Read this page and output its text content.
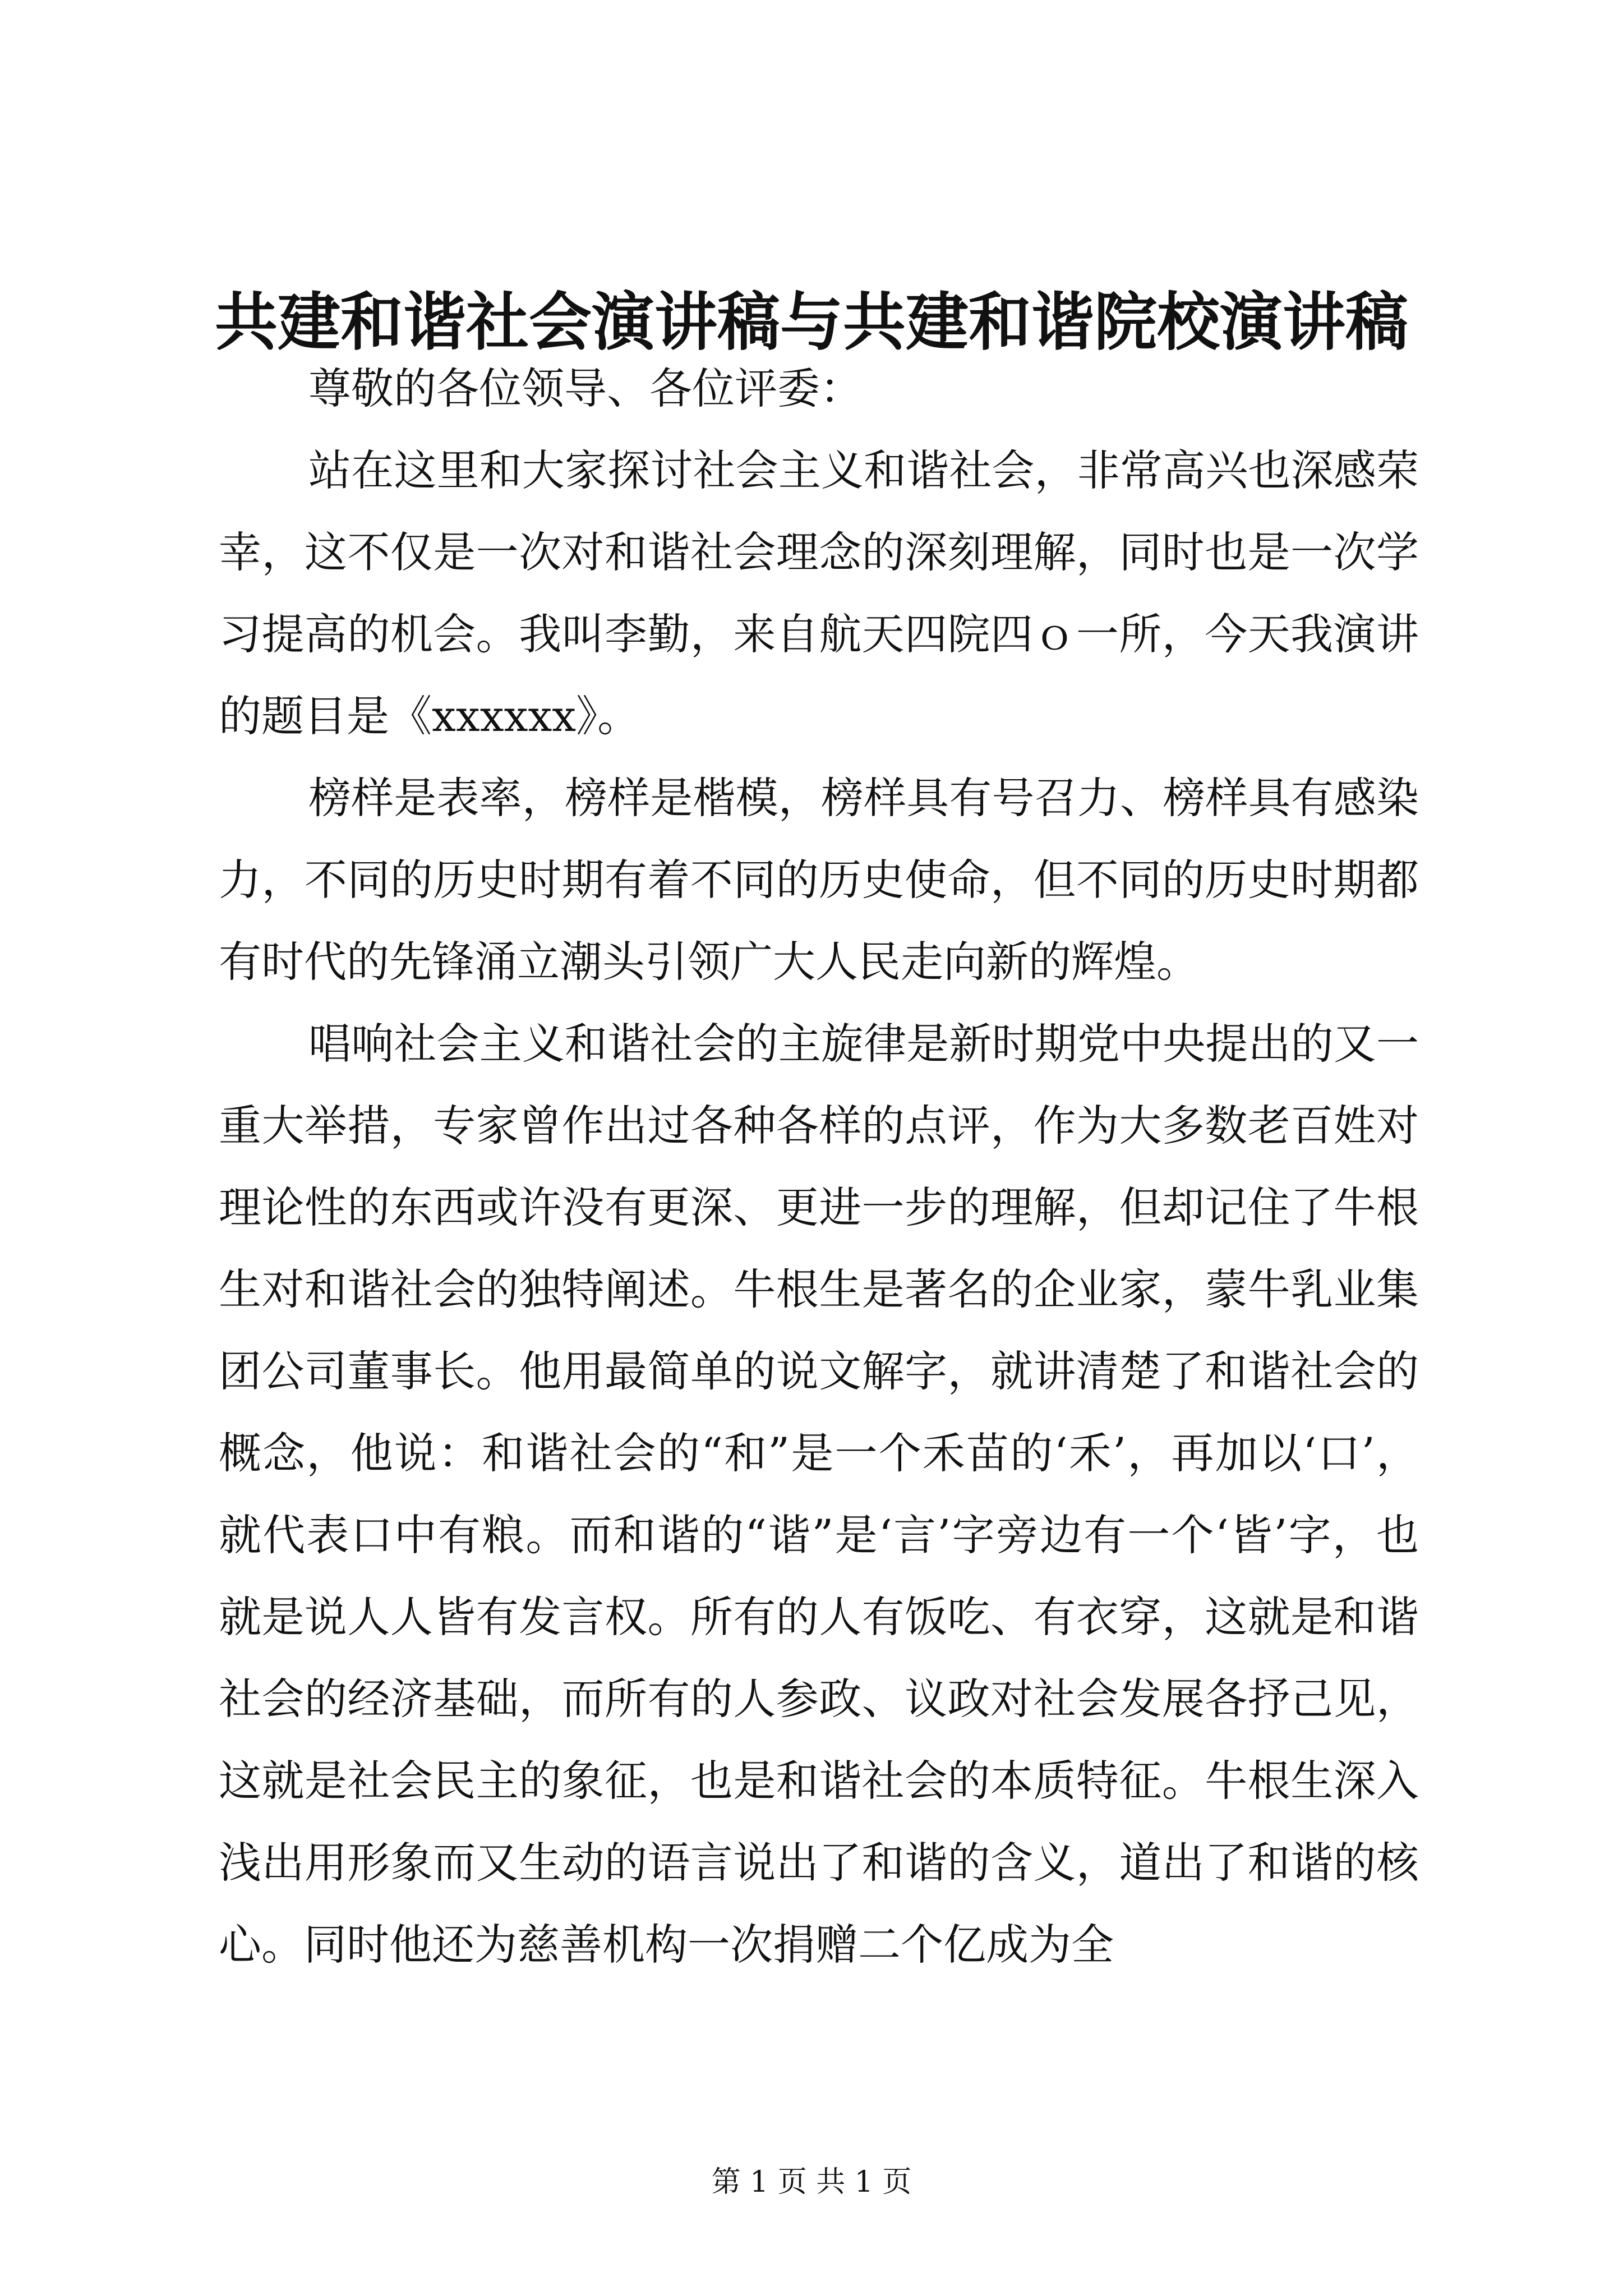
共建和谐社会演讲稿与共建和谐院校演讲稿

尊敬的各位领导、各位评委：

站在这里和大家探讨社会主义和谐社会，非常高兴也深感荣幸，这不仅是一次对和谐社会理念的深刻理解，同时也是一次学习提高的机会。我叫李勤，来自航天四院四ｏ一所，今天我演讲的题目是《xxxxxx》。

榜样是表率，榜样是楷模，榜样具有号召力、榜样具有感染力，不同的历史时期有着不同的历史使命，但不同的历史时期都有时代的先锋涌立潮头引领广大人民走向新的辉煌。

唱响社会主义和谐社会的主旋律是新时期党中央提出的又一重大举措，专家曾作出过各种各样的点评，作为大多数老百姓对理论性的东西或许没有更深、更进一步的理解，但却记住了牛根生对和谐社会的独特阐述。牛根生是著名的企业家，蒙牛乳业集团公司董事长。他用最简单的说文解字，就讲清楚了和谐社会的概念，他说：和谐社会的“和”是一个禾苗的‘禾’，再加以‘口’，就代表口中有粮。而和谐的“谐”是‘言’字旁边有一个‘皆’字，也就是说人人皆有发言权。所有的人有饭吃、有衣穿，这就是和谐社会的经济基础，而所有的人参政、议政对社会发展各抒己见，这就是社会民主的象征，也是和谐社会的本质特征。牛根生深入浅出用形象而又生动的语言说出了和谐的含义，道出了和谐的核心。同时他还为慈善机构一次捐赠二个亿成为全

第 1 页 共 1 页
